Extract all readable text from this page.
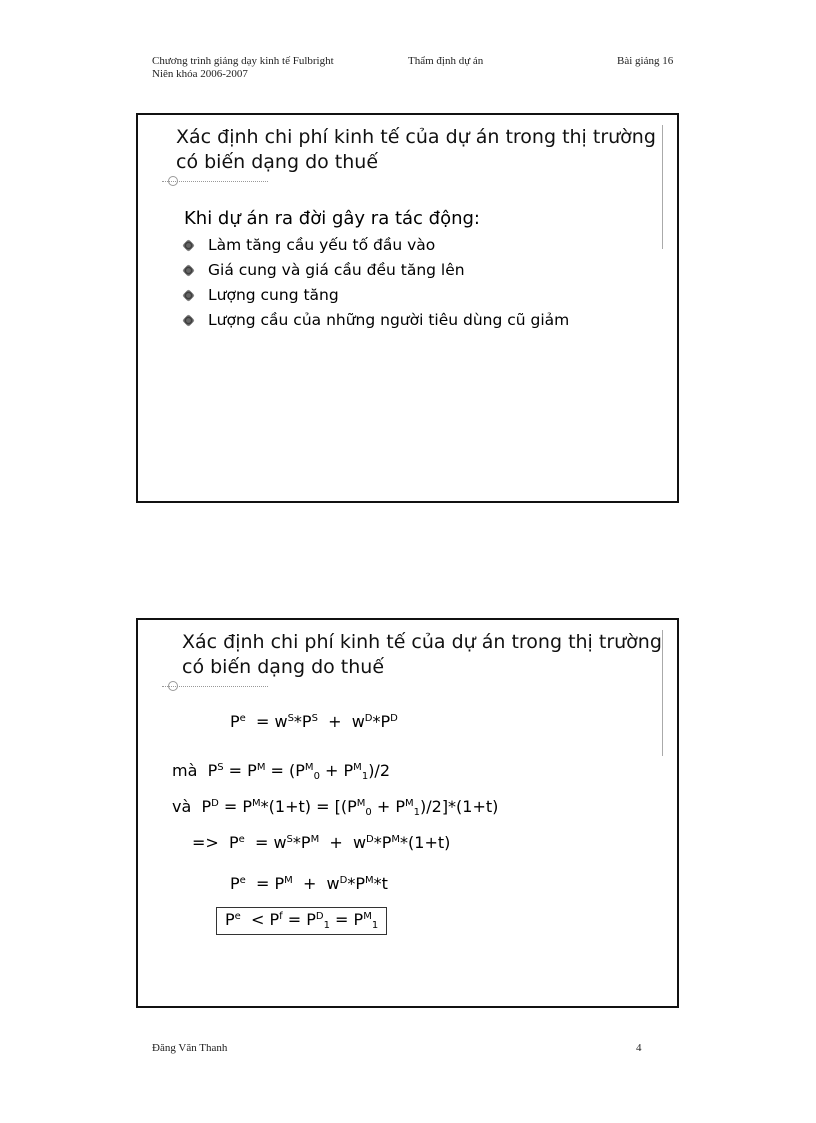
Chương trình giảng dạy kinh tế Fulbright
Niên khóa 2006-2007
Thẩm định dự án	Bài giảng 16
Xác định chi phí kinh tế của dự án trong thị trường
có biến dạng do thuế
Khi dự án ra đời gây ra tác động:
Làm tăng cầu yếu tố đầu vào
Giá cung và giá cầu đều tăng lên
Lượng cung tăng
Lượng cầu của những người tiêu dùng cũ giảm
Xác định chi phí kinh tế của dự án trong thị trường
có biến dạng do thuế
$P^e = w^S*P^S + w^D*P^D$
mà  $P^S = P^M = (P^M_0 + P^M_1)/2$
và  $P^D = P^M*(1+t) = [(P^M_0 + P^M_1)/2]*(1+t)$
=>  $P^e = w^S*P^M + w^D*P^M*(1+t)$
$P^e = P^M + w^D*P^M*t$
$P^e < P^f = P^D_1 = P^M_1$
Đăng Văn Thanh	4
